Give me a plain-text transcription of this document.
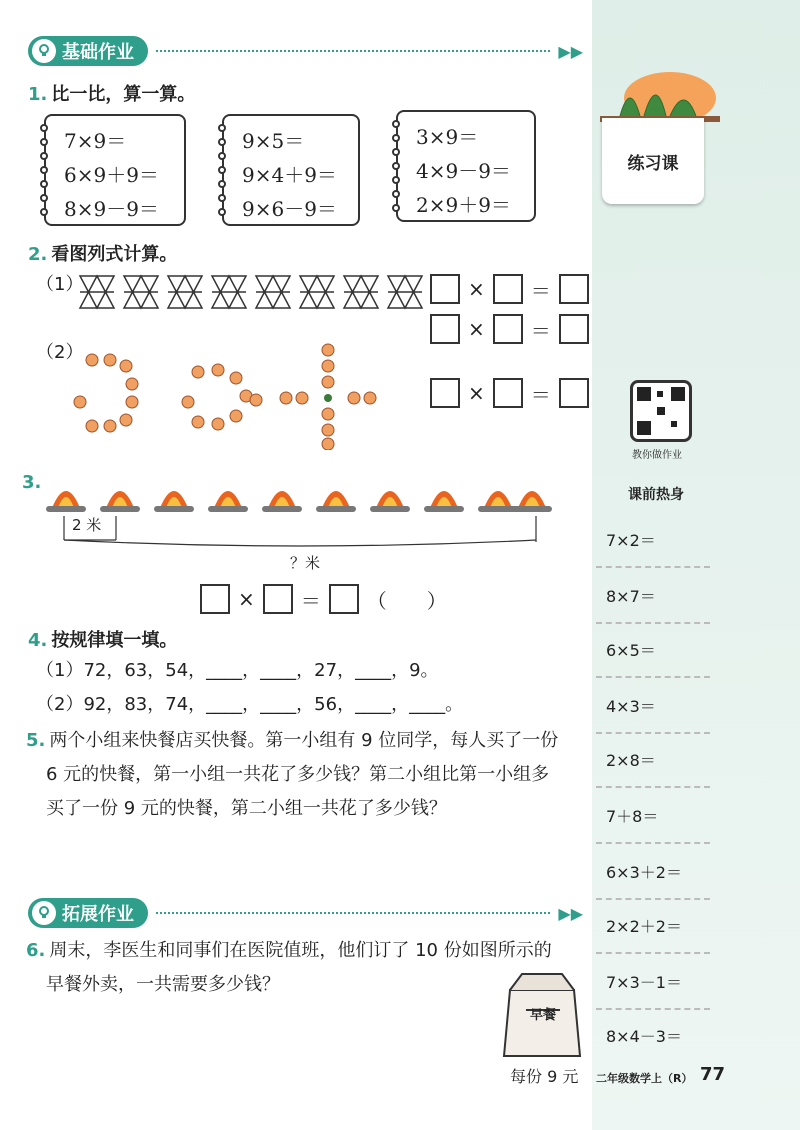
基础作业	▶▶
1. 比一比，算一算。
7×9＝
6×9＋9＝
8×9－9＝
9×5＝
9×4＋9＝
9×6－9＝
3×9＝
4×9－9＝
2×9＋9＝
2. 看图列式计算。
（1）	× ＝
× ＝
（2）
× ＝
3.
2 米
？米
× ＝ （　　）
4. 按规律填一填。
（1）72，63，54，____，____，27，____，9。
（2）92，83，74，____，____，56，____，____。
5. 两个小组来快餐店买快餐。第一小组有 9 位同学，每人买了一份
6 元的快餐，第一小组一共花了多少钱？第二小组比第一小组多
买了一份 9 元的快餐，第二小组一共花了多少钱？
拓展作业	▶▶
6. 周末，李医生和同事们在医院值班，他们订了 10 份如图所示的
早餐外卖，一共需要多少钱？
早餐
每份 9 元
练习课
教你做作业
课前热身
7×2＝
8×7＝
6×5＝
4×3＝
2×8＝
7＋8＝
6×3＋2＝
2×2＋2＝
7×3－1＝
8×4－3＝
二年级数学上（R） 77
